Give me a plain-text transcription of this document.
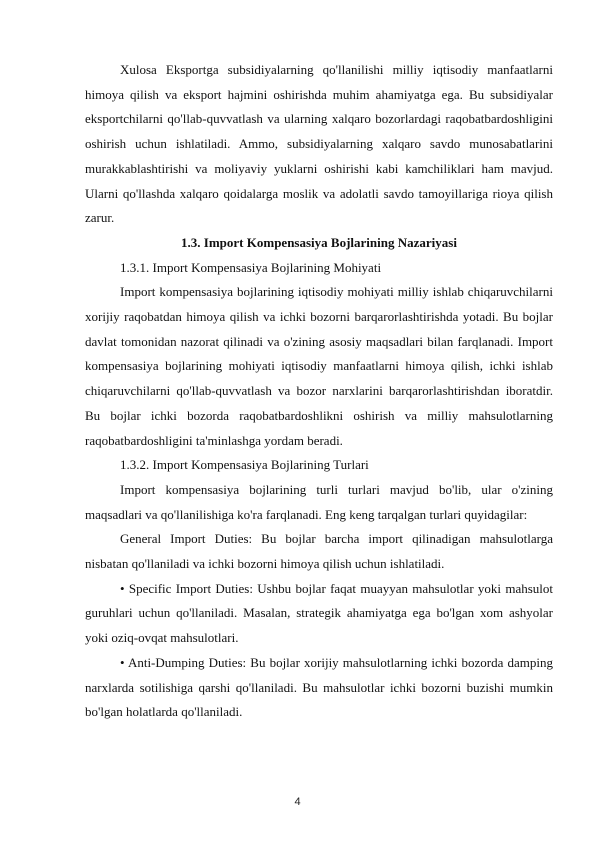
Xulosa Eksportga subsidiyalarning qo'llanilishi milliy iqtisodiy manfaatlarni himoya qilish va eksport hajmini oshirishda muhim ahamiyatga ega. Bu subsidiyalar eksportchilarni qo'llab-quvvatlash va ularning xalqaro bozorlardagi raqobatbardoshligini oshirish uchun ishlatiladi. Ammo, subsidiyalarning xalqaro savdo munosabatlarini murakkablashtirishi va moliyaviy yuklarni oshirishi kabi kamchiliklari ham mavjud. Ularni qo'llashda xalqaro qoidalarga moslik va adolatli savdo tamoyillariga rioya qilish zarur.

1.3. Import Kompensasiya Bojlarining Nazariyasi

1.3.1. Import Kompensasiya Bojlarining Mohiyati

Import kompensasiya bojlarining iqtisodiy mohiyati milliy ishlab chiqaruvchilarni xorijiy raqobatdan himoya qilish va ichki bozorni barqarorlashtirishda yotadi. Bu bojlar davlat tomonidan nazorat qilinadi va o'zining asosiy maqsadlari bilan farqlanadi. Import kompensasiya bojlarining mohiyati iqtisodiy manfaatlarni himoya qilish, ichki ishlab chiqaruvchilarni qo'llab-quvvatlash va bozor narxlarini barqarorlashtirishdan iboratdir. Bu bojlar ichki bozorda raqobatbardoshlikni oshirish va milliy mahsulotlarning raqobatbardoshligini ta'minlashga yordam beradi.

1.3.2. Import Kompensasiya Bojlarining Turlari

Import kompensasiya bojlarining turli turlari mavjud bo'lib, ular o'zining maqsadlari va qo'llanilishiga ko'ra farqlanadi. Eng keng tarqalgan turlari quyidagilar:

General Import Duties: Bu bojlar barcha import qilinadigan mahsulotlarga nisbatan qo'llaniladi va ichki bozorni himoya qilish uchun ishlatiladi.

• Specific Import Duties: Ushbu bojlar faqat muayyan mahsulotlar yoki mahsulot guruhlari uchun qo'llaniladi. Masalan, strategik ahamiyatga ega bo'lgan xom ashyolar yoki oziq-ovqat mahsulotlari.

• Anti-Dumping Duties: Bu bojlar xorijiy mahsulotlarning ichki bozorda damping narxlarda sotilishiga qarshi qo'llaniladi. Bu mahsulotlar ichki bozorni buzishi mumkin bo'lgan holatlarda qo'llaniladi.

4
